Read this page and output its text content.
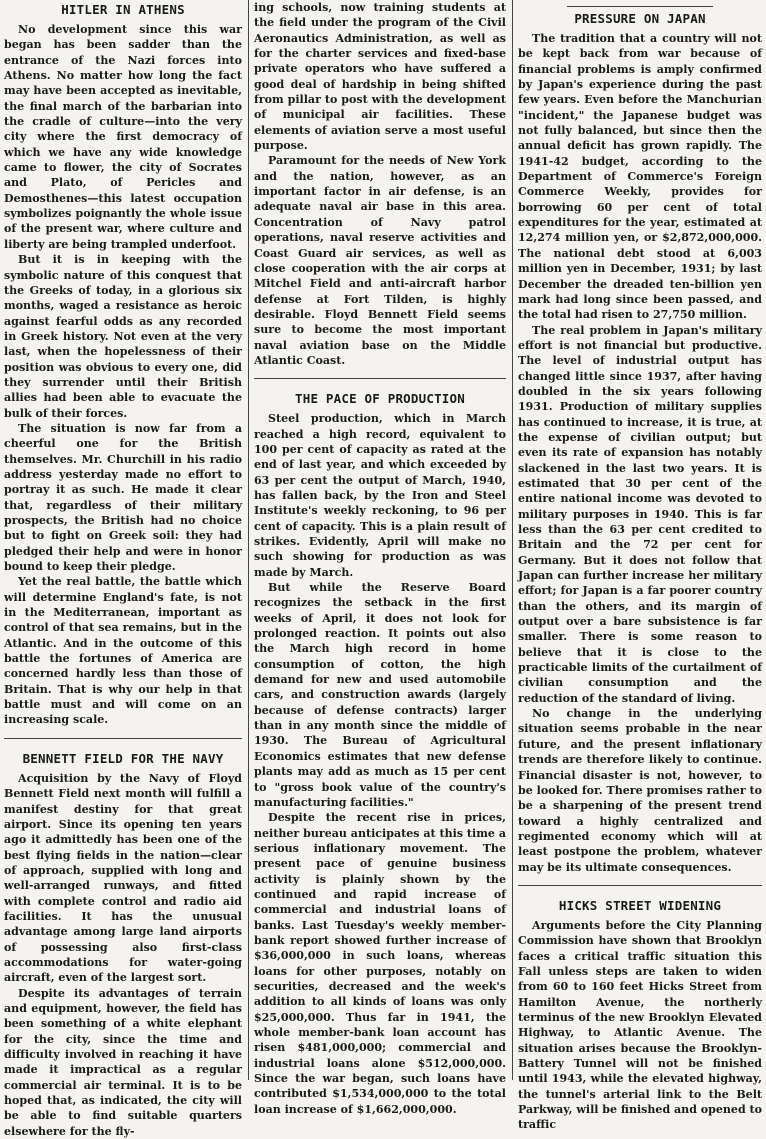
HITLER IN ATHENS

No development since this war began has been sadder than the entrance of the Nazi forces into Athens. No matter how long the fact may have been accepted as inevitable, the final march of the barbarian into the cradle of culture—into the very city where the first democracy of which we have any wide knowledge came to flower, the city of Socrates and Plato, of Pericles and Demosthenes—this latest occupation symbolizes poignantly the whole issue of the present war, where culture and liberty are being trampled underfoot.

But it is in keeping with the symbolic nature of this conquest that the Greeks of today, in a glorious six months, waged a resistance as heroic against fearful odds as any recorded in Greek history. Not even at the very last, when the hopelessness of their position was obvious to every one, did they surrender until their British allies had been able to evacuate the bulk of their forces.

The situation is now far from a cheerful one for the British themselves. Mr. Churchill in his radio address yesterday made no effort to portray it as such. He made it clear that, regardless of their military prospects, the British had no choice but to fight on Greek soil: they had pledged their help and were in honor bound to keep their pledge.

Yet the real battle, the battle which will determine England's fate, is not in the Mediterranean, important as control of that sea remains, but in the Atlantic. And in the outcome of this battle the fortunes of America are concerned hardly less than those of Britain. That is why our help in that battle must and will come on an increasing scale.

BENNETT FIELD FOR THE NAVY

Acquisition by the Navy of Floyd Bennett Field next month will fulfill a manifest destiny for that great airport. Since its opening ten years ago it admittedly has been one of the best flying fields in the nation—clear of approach, supplied with long and well-arranged runways, and fitted with complete control and radio aid facilities. It has the unusual advantage among large land airports of possessing also first-class accommodations for water-going aircraft, even of the largest sort.

Despite its advantages of terrain and equipment, however, the field has been something of a white elephant for the city, since the time and difficulty involved in reaching it have made it impractical as a regular commercial air terminal. It is to be hoped that, as indicated, the city will be able to find suitable quarters elsewhere for the fly-

ing schools, now training students at the field under the program of the Civil Aeronautics Administration, as well as for the charter services and fixed-base private operators who have suffered a good deal of hardship in being shifted from pillar to post with the development of municipal air facilities. These elements of aviation serve a most useful purpose.

Paramount for the needs of New York and the nation, however, as an important factor in air defense, is an adequate naval air base in this area. Concentration of Navy patrol operations, naval reserve activities and Coast Guard air services, as well as close cooperation with the air corps at Mitchel Field and anti-aircraft harbor defense at Fort Tilden, is highly desirable. Floyd Bennett Field seems sure to become the most important naval aviation base on the Middle Atlantic Coast.

THE PACE OF PRODUCTION

Steel production, which in March reached a high record, equivalent to 100 per cent of capacity as rated at the end of last year, and which exceeded by 63 per cent the output of March, 1940, has fallen back, by the Iron and Steel Institute's weekly reckoning, to 96 per cent of capacity. This is a plain result of strikes. Evidently, April will make no such showing for production as was made by March.

But while the Reserve Board recognizes the setback in the first weeks of April, it does not look for prolonged reaction. It points out also the March high record in home consumption of cotton, the high demand for new and used automobile cars, and construction awards (largely because of defense contracts) larger than in any month since the middle of 1930. The Bureau of Agricultural Economics estimates that new defense plants may add as much as 15 per cent to "gross book value of the country's manufacturing facilities."

Despite the recent rise in prices, neither bureau anticipates at this time a serious inflationary movement. The present pace of genuine business activity is plainly shown by the continued and rapid increase of commercial and industrial loans of banks. Last Tuesday's weekly member-bank report showed further increase of $36,000,000 in such loans, whereas loans for other purposes, notably on securities, decreased and the week's addition to all kinds of loans was only $25,000,000. Thus far in 1941, the whole member-bank loan account has risen $481,000,000; commercial and industrial loans alone $512,000,000. Since the war began, such loans have contributed $1,534,000,000 to the total loan increase of $1,662,000,000.

PRESSURE ON JAPAN

The tradition that a country will not be kept back from war because of financial problems is amply confirmed by Japan's experience during the past few years. Even before the Manchurian "incident," the Japanese budget was not fully balanced, but since then the annual deficit has grown rapidly. The 1941-42 budget, according to the Department of Commerce's Foreign Commerce Weekly, provides for borrowing 60 per cent of total expenditures for the year, estimated at 12,274 million yen, or $2,872,000,000. The national debt stood at 6,003 million yen in December, 1931; by last December the dreaded ten-billion yen mark had long since been passed, and the total had risen to 27,750 million.

The real problem in Japan's military effort is not financial but productive. The level of industrial output has changed little since 1937, after having doubled in the six years following 1931. Production of military supplies has continued to increase, it is true, at the expense of civilian output; but even its rate of expansion has notably slackened in the last two years. It is estimated that 30 per cent of the entire national income was devoted to military purposes in 1940. This is far less than the 63 per cent credited to Britain and the 72 per cent for Germany. But it does not follow that Japan can further increase her military effort; for Japan is a far poorer country than the others, and its margin of output over a bare subsistence is far smaller. There is some reason to believe that it is close to the practicable limits of the curtailment of civilian consumption and the reduction of the standard of living.

No change in the underlying situation seems probable in the near future, and the present inflationary trends are therefore likely to continue. Financial disaster is not, however, to be looked for. There promises rather to be a sharpening of the present trend toward a highly centralized and regimented economy which will at least postpone the problem, whatever may be its ultimate consequences.

HICKS STREET WIDENING

Arguments before the City Planning Commission have shown that Brooklyn faces a critical traffic situation this Fall unless steps are taken to widen from 60 to 160 feet Hicks Street from Hamilton Avenue, the northerly terminus of the new Brooklyn Elevated Highway, to Atlantic Avenue. The situation arises because the Brooklyn-Battery Tunnel will not be finished until 1943, while the elevated highway, the tunnel's arterial link to the Belt Parkway, will be finished and opened to traffic
